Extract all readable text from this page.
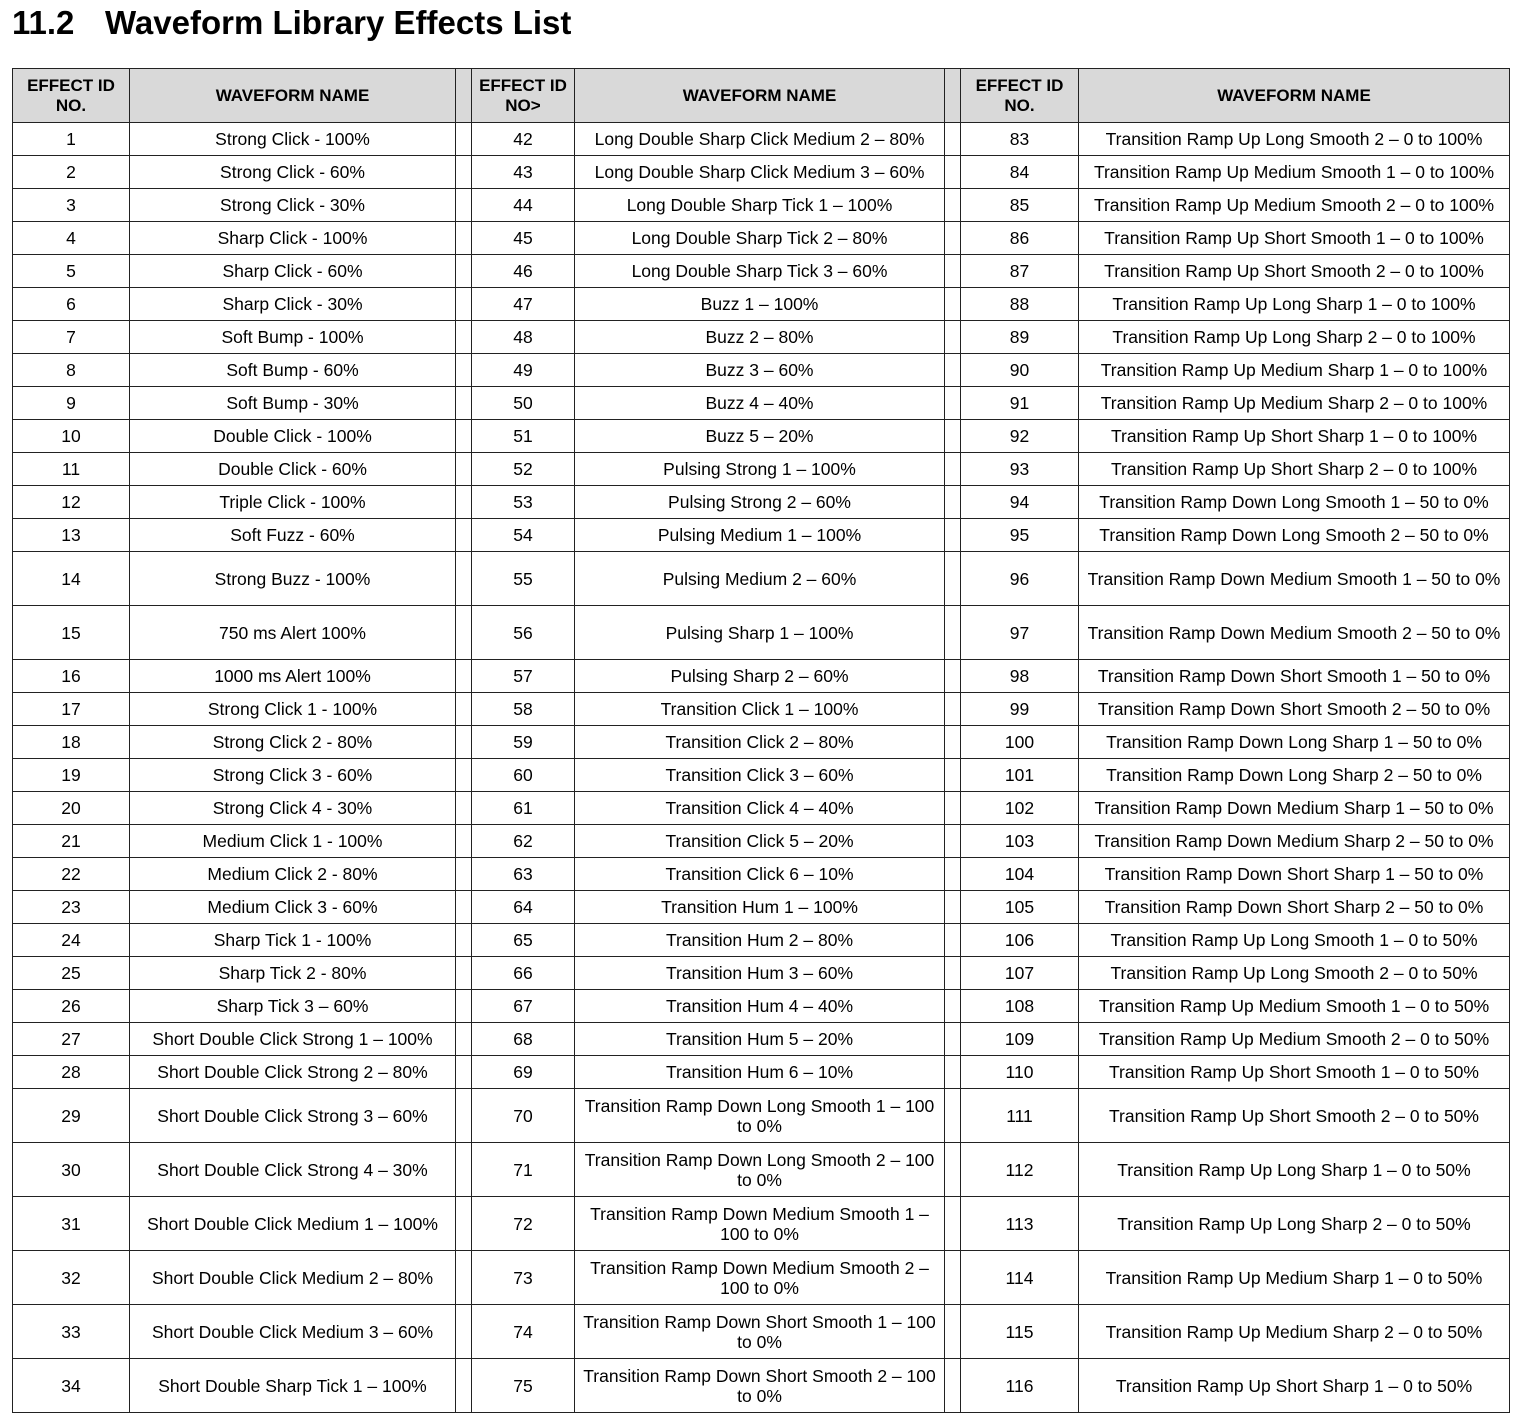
11.2 Waveform Library Effects List
EFFECT ID NO.	WAVEFORM NAME		EFFECT ID NO>	WAVEFORM NAME		EFFECT ID NO.	WAVEFORM NAME
1	Strong Click - 100%		42	Long Double Sharp Click Medium 2 – 80%		83	Transition Ramp Up Long Smooth 2 – 0 to 100%
2	Strong Click - 60%		43	Long Double Sharp Click Medium 3 – 60%		84	Transition Ramp Up Medium Smooth 1 – 0 to 100%
3	Strong Click - 30%		44	Long Double Sharp Tick 1 – 100%		85	Transition Ramp Up Medium Smooth 2 – 0 to 100%
4	Sharp Click - 100%		45	Long Double Sharp Tick 2 – 80%		86	Transition Ramp Up Short Smooth 1 – 0 to 100%
5	Sharp Click - 60%		46	Long Double Sharp Tick 3 – 60%		87	Transition Ramp Up Short Smooth 2 – 0 to 100%
6	Sharp Click - 30%		47	Buzz 1 – 100%		88	Transition Ramp Up Long Sharp 1 – 0 to 100%
7	Soft Bump - 100%		48	Buzz 2 – 80%		89	Transition Ramp Up Long Sharp 2 – 0 to 100%
8	Soft Bump - 60%		49	Buzz 3 – 60%		90	Transition Ramp Up Medium Sharp 1 – 0 to 100%
9	Soft Bump - 30%		50	Buzz 4 – 40%		91	Transition Ramp Up Medium Sharp 2 – 0 to 100%
10	Double Click - 100%		51	Buzz 5 – 20%		92	Transition Ramp Up Short Sharp 1 – 0 to 100%
11	Double Click - 60%		52	Pulsing Strong 1 – 100%		93	Transition Ramp Up Short Sharp 2 – 0 to 100%
12	Triple Click - 100%		53	Pulsing Strong 2 – 60%		94	Transition Ramp Down Long Smooth 1 – 50 to 0%
13	Soft Fuzz - 60%		54	Pulsing Medium 1 – 100%		95	Transition Ramp Down Long Smooth 2 – 50 to 0%
14	Strong Buzz - 100%		55	Pulsing Medium 2 – 60%		96	Transition Ramp Down Medium Smooth 1 – 50 to 0%
15	750 ms Alert 100%		56	Pulsing Sharp 1 – 100%		97	Transition Ramp Down Medium Smooth 2 – 50 to 0%
16	1000 ms Alert 100%		57	Pulsing Sharp 2 – 60%		98	Transition Ramp Down Short Smooth 1 – 50 to 0%
17	Strong Click 1 - 100%		58	Transition Click 1 – 100%		99	Transition Ramp Down Short Smooth 2 – 50 to 0%
18	Strong Click 2 - 80%		59	Transition Click 2 – 80%		100	Transition Ramp Down Long Sharp 1 – 50 to 0%
19	Strong Click 3 - 60%		60	Transition Click 3 – 60%		101	Transition Ramp Down Long Sharp 2 – 50 to 0%
20	Strong Click 4 - 30%		61	Transition Click 4 – 40%		102	Transition Ramp Down Medium Sharp 1 – 50 to 0%
21	Medium Click 1 - 100%		62	Transition Click 5 – 20%		103	Transition Ramp Down Medium Sharp 2 – 50 to 0%
22	Medium Click 2 - 80%		63	Transition Click 6 – 10%		104	Transition Ramp Down Short Sharp 1 – 50 to 0%
23	Medium Click 3 - 60%		64	Transition Hum 1 – 100%		105	Transition Ramp Down Short Sharp 2 – 50 to 0%
24	Sharp Tick 1 - 100%		65	Transition Hum 2 – 80%		106	Transition Ramp Up Long Smooth 1 – 0 to 50%
25	Sharp Tick 2 - 80%		66	Transition Hum 3 – 60%		107	Transition Ramp Up Long Smooth 2 – 0 to 50%
26	Sharp Tick 3 – 60%		67	Transition Hum 4 – 40%		108	Transition Ramp Up Medium Smooth 1 – 0 to 50%
27	Short Double Click Strong 1 – 100%		68	Transition Hum 5 – 20%		109	Transition Ramp Up Medium Smooth 2 – 0 to 50%
28	Short Double Click Strong 2 – 80%		69	Transition Hum 6 – 10%		110	Transition Ramp Up Short Smooth 1 – 0 to 50%
29	Short Double Click Strong 3 – 60%		70	Transition Ramp Down Long Smooth 1 – 100 to 0%		111	Transition Ramp Up Short Smooth 2 – 0 to 50%
30	Short Double Click Strong 4 – 30%		71	Transition Ramp Down Long Smooth 2 – 100 to 0%		112	Transition Ramp Up Long Sharp 1 – 0 to 50%
31	Short Double Click Medium 1 – 100%		72	Transition Ramp Down Medium Smooth 1 – 100 to 0%		113	Transition Ramp Up Long Sharp 2 – 0 to 50%
32	Short Double Click Medium 2 – 80%		73	Transition Ramp Down Medium Smooth 2 – 100 to 0%		114	Transition Ramp Up Medium Sharp 1 – 0 to 50%
33	Short Double Click Medium 3 – 60%		74	Transition Ramp Down Short Smooth 1 – 100 to 0%		115	Transition Ramp Up Medium Sharp 2 – 0 to 50%
34	Short Double Sharp Tick 1 – 100%		75	Transition Ramp Down Short Smooth 2 – 100 to 0%		116	Transition Ramp Up Short Sharp 1 – 0 to 50%
